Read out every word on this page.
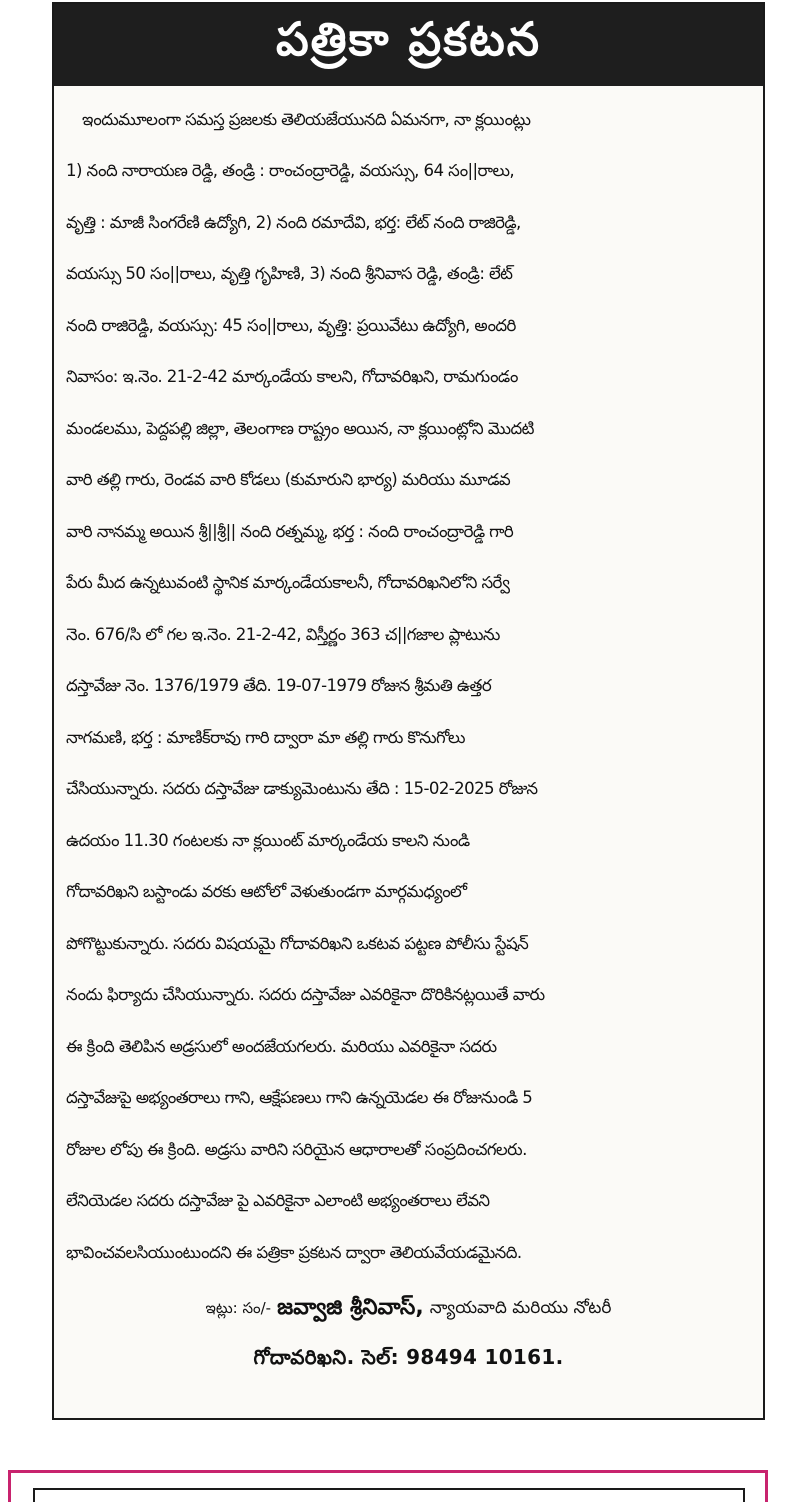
పత్రికా ప్రకటన
ఇందుమూలంగా సమస్త ప్రజలకు తెలియజేయునది ఏమనగా, నా క్లయింట్లు
1) నంది నారాయణ రెడ్డి, తండ్రి : రాంచంద్రారెడ్డి, వయస్సు, 64 సం||రాలు,
వృత్తి : మాజీ సింగరేణి ఉద్యోగి, 2) నంది రమాదేవి, భర్త: లేట్ నంది రాజిరెడ్డి,
వయస్సు 50 సం||రాలు, వృత్తి గృహిణి, 3) నంది శ్రీనివాస రెడ్డి, తండ్రి: లేట్
నంది రాజిరెడ్డి, వయస్సు: 45 సం||రాలు, వృత్తి: ప్రయివేటు ఉద్యోగి, అందరి
నివాసం: ఇ.నెం. 21-2-42 మార్కండేయ కాలని, గోదావరిఖని, రామగుండం
మండలము, పెద్దపల్లి జిల్లా, తెలంగాణ రాష్ట్రం అయిన, నా క్లయింట్లోని మొదటి
వారి తల్లి గారు, రెండవ వారి కోడలు (కుమారుని భార్య) మరియు మూడవ
వారి నానమ్మ అయిన శ్రీ||శ్రీ|| నంది రత్నమ్మ, భర్త : నంది రాంచంద్రారెడ్డి గారి
పేరు మీద ఉన్నటువంటి స్థానిక మార్కండేయకాలనీ, గోదావరిఖనిలోని సర్వే
నెం. 676/సి లో గల ఇ.నెం. 21-2-42, విస్తీర్ణం 363 చ||గజాల ప్లాటును
దస్తావేజు నెం. 1376/1979 తేది. 19-07-1979 రోజున శ్రీమతి ఉత్తర
నాగమణి, భర్త : మాణిక్‌రావు గారి ద్వారా మా తల్లి గారు కొనుగోలు
చేసియున్నారు. సదరు దస్తావేజు డాక్యుమెంటును తేది : 15-02-2025 రోజున
ఉదయం 11.30 గంటలకు నా క్లయింట్ మార్కండేయ కాలని నుండి
గోదావరిఖని బస్టాండు వరకు ఆటోలో వెళుతుండగా మార్గమధ్యంలో
పోగొట్టుకున్నారు. సదరు విషయమై గోదావరిఖని ఒకటవ పట్టణ పోలీసు స్టేషన్
నందు ఫిర్యాదు చేసియున్నారు. సదరు దస్తావేజు ఎవరికైనా దొరికినట్లయితే వారు
ఈ క్రింది తెలిపిన అడ్రసులో అందజేయగలరు. మరియు ఎవరికైనా సదరు
దస్తావేజుపై అభ్యంతరాలు గాని, ఆక్షేపణలు గాని ఉన్నయెడల ఈ రోజునుండి 5
రోజుల లోపు ఈ క్రింది. అడ్రసు వారిని సరియైన ఆధారాలతో సంప్రదించగలరు.
లేనియెడల సదరు దస్తావేజు పై ఎవరికైనా ఎలాంటి అభ్యంతరాలు లేవని
భావించవలసియుంటుందని ఈ పత్రికా ప్రకటన ద్వారా తెలియవేయడమైనది.
ఇట్లు: సం/- జవ్వాజి శ్రీనివాస్, న్యాయవాది మరియు నోటరీ
గోదావరిఖని. సెల్: 98494 10161.
